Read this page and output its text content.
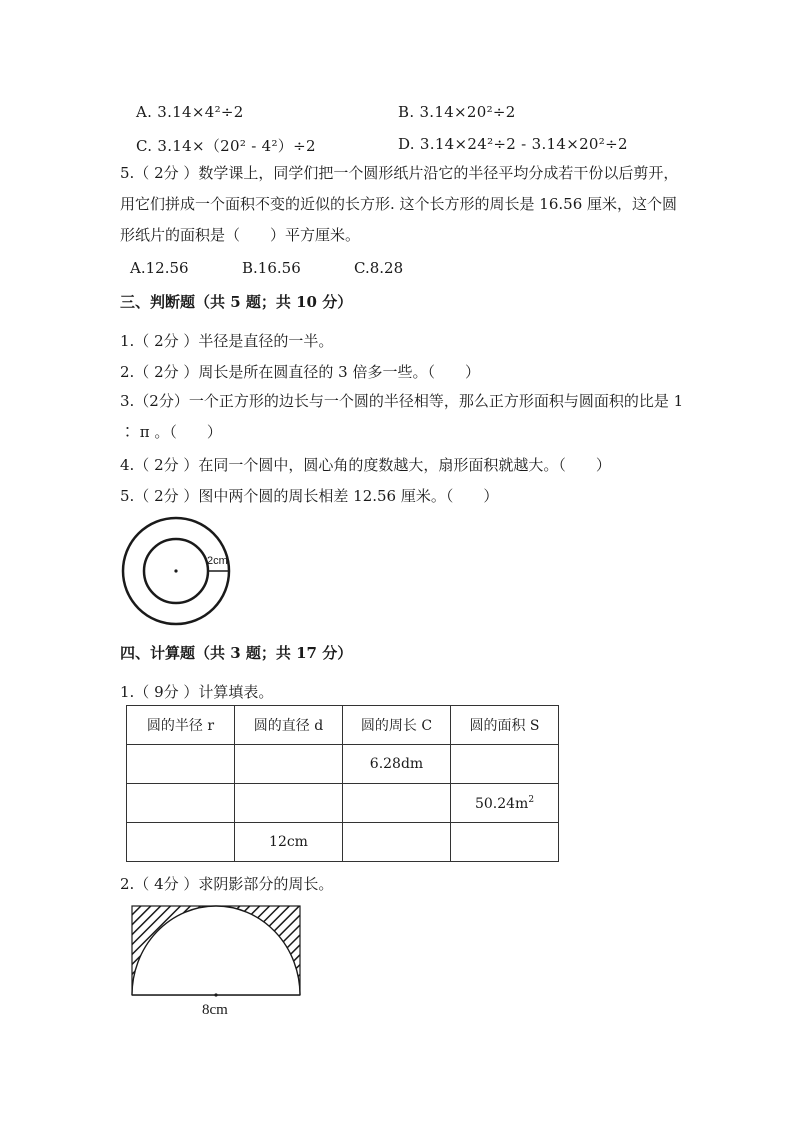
A. 3.14×4²÷2	B. 3.14×20²÷2
C. 3.14×（20² - 4²）÷2	D. 3.14×24²÷2 - 3.14×20²÷2
5.（ 2分 ）数学课上，同学们把一个圆形纸片沿它的半径平均分成若干份以后剪开，用它们拼成一个面积不变的近似的长方形. 这个长方形的周长是 16.56 厘米，这个圆形纸片的面积是（　　）平方厘米。
A.12.56	B.16.56	C.8.28
三、判断题（共 5 题；共 10 分）
1.（ 2分 ）半径是直径的一半。
2.（ 2分 ）周长是所在圆直径的 3 倍多一些。（　　）
3.（2分）一个正方形的边长与一个圆的半径相等，那么正方形面积与圆面积的比是 1 ∶ π 。（　　）
4.（ 2分 ）在同一个圆中，圆心角的度数越大，扇形面积就越大。（　　）
5.（ 2分 ）图中两个圆的周长相差 12.56 厘米。（　　）
2cm
四、计算题（共 3 题；共 17 分）
1.（ 9分 ）计算填表。
圆的半径 r	圆的直径 d	圆的周长 C	圆的面积 S
		6.28dm	
			$50.24m^2$
	12cm		
2.（ 4分 ）求阴影部分的周长。
8cm
